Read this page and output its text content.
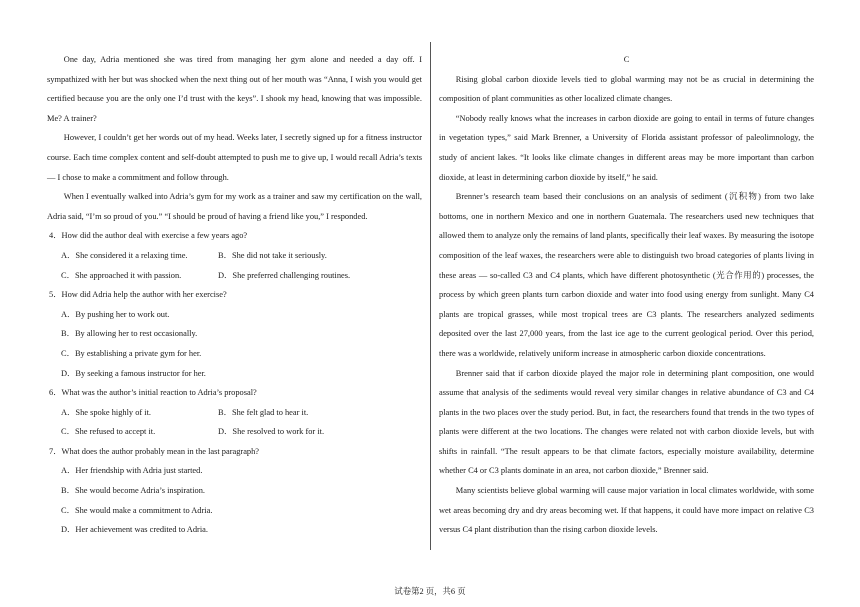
One day, Adria mentioned she was tired from managing her gym alone and needed a day off. I sympathized with her but was shocked when the next thing out of her mouth was “Anna, I wish you would get certified because you are the only one I’d trust with the keys”. I shook my head, knowing that was impossible. Me? A trainer?

However, I couldn’t get her words out of my head. Weeks later, I secretly signed up for a fitness instructor course. Each time complex content and self-doubt attempted to push me to give up, I would recall Adria’s texts — I chose to make a commitment and follow through.

When I eventually walked into Adria’s gym for my work as a trainer and saw my certification on the wall, Adria said, “I’m so proud of you.” “I should be proud of having a friend like you,” I responded.

4．How did the author deal with exercise a few years ago?
A．She considered it a relaxing time.	B．She did not take it seriously.
C．She approached it with passion.	D．She preferred challenging routines.
5．How did Adria help the author with her exercise?
A．By pushing her to work out.
B．By allowing her to rest occasionally.
C．By establishing a private gym for her.
D．By seeking a famous instructor for her.
6．What was the author’s initial reaction to Adria’s proposal?
A．She spoke highly of it.	B．She felt glad to hear it.
C．She refused to accept it.	D．She resolved to work for it.
7．What does the author probably mean in the last paragraph?
A．Her friendship with Adria just started.
B．She would become Adria’s inspiration.
C．She would make a commitment to Adria.
D．Her achievement was credited to Adria.

C

Rising global carbon dioxide levels tied to global warming may not be as crucial in determining the composition of plant communities as other localized climate changes.

“Nobody really knows what the increases in carbon dioxide are going to entail in terms of future changes in vegetation types,” said Mark Brenner, a University of Florida assistant professor of paleolimnology, the study of ancient lakes. “It looks like climate changes in different areas may be more important than carbon dioxide, at least in determining carbon dioxide by itself,” he said.

Brenner’s research team based their conclusions on an analysis of sediment (沉积物) from two lake bottoms, one in northern Mexico and one in northern Guatemala. The researchers used new techniques that allowed them to analyze only the remains of land plants, specifically their leaf waxes. By measuring the isotope composition of the leaf waxes, the researchers were able to distinguish two broad categories of plants living in these areas — so-called C3 and C4 plants, which have different photosynthetic (光合作用的) processes, the process by which green plants turn carbon dioxide and water into food using energy from sunlight. Many C4 plants are tropical grasses, while most tropical trees are C3 plants. The researchers analyzed sediments deposited over the last 27,000 years, from the last ice age to the current geological period. Over this period, there was a worldwide, relatively uniform increase in atmospheric carbon dioxide concentrations.

Brenner said that if carbon dioxide played the major role in determining plant composition, one would assume that analysis of the sediments would reveal very similar changes in relative abundance of C3 and C4 plants in the two places over the study period. But, in fact, the researchers found that trends in the two types of plants were different at the two locations. The changes were related not with carbon dioxide levels, but with shifts in rainfall. “The result appears to be that climate factors, especially moisture availability, determine whether C4 or C3 plants dominate in an area, not carbon dioxide,” Brenner said.

Many scientists believe global warming will cause major variation in local climates worldwide, with some wet areas becoming dry and dry areas becoming wet. If that happens, it could have more impact on relative C3 versus C4 plant distribution than the rising carbon dioxide levels.

试卷第2 页，共6 页
